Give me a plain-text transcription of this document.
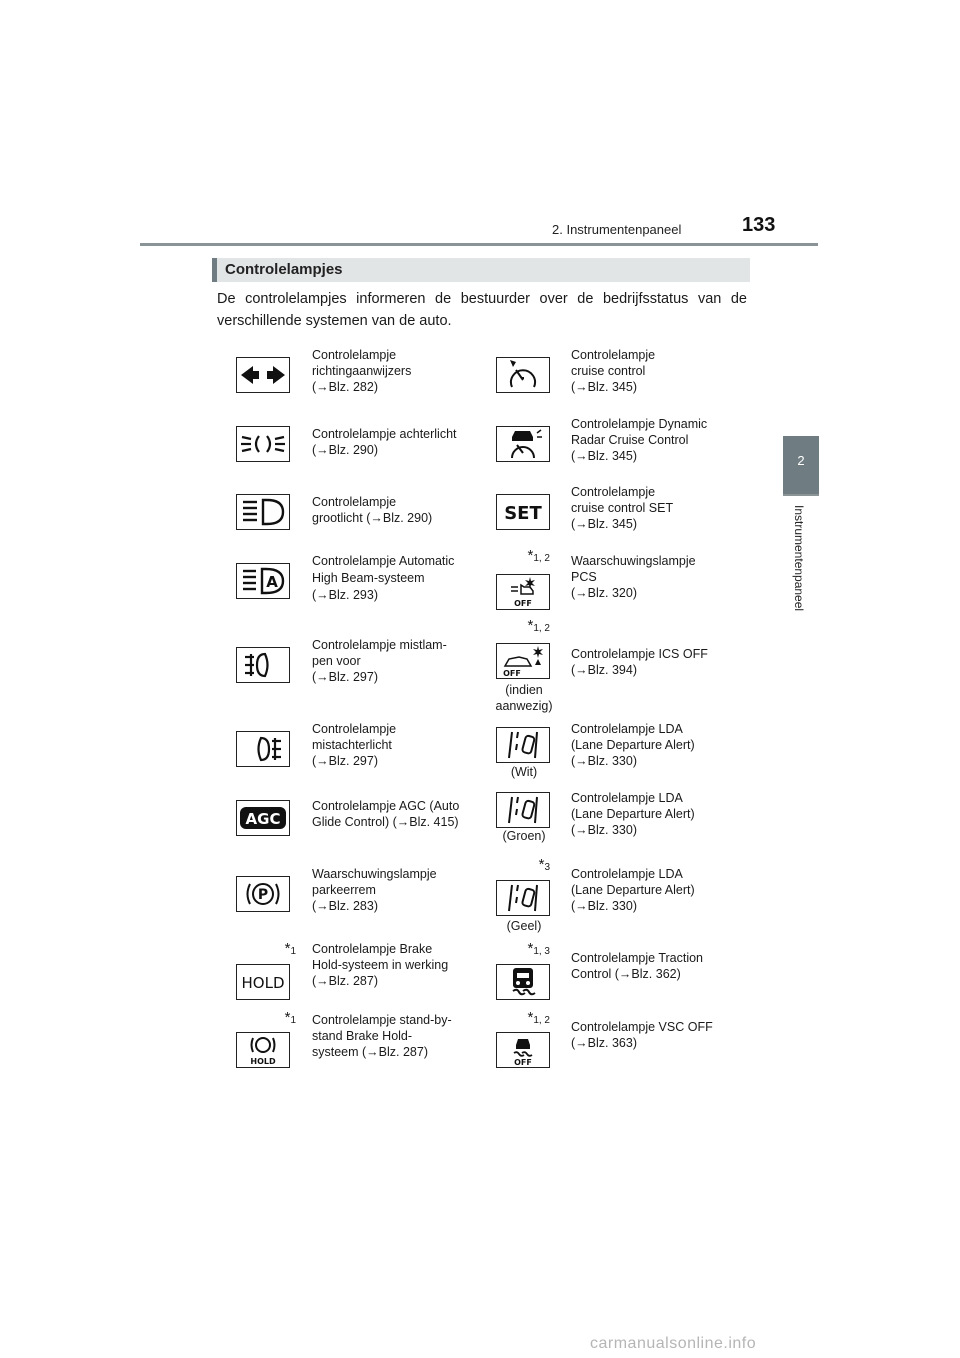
2. Instrumentenpaneel	133
2
Instrumentenpaneel
Controlelampjes
De controlelampjes informeren de bestuurder over de bedrijfsstatus van de verschillende systemen van de auto.
Controlelampje
richtingaanwijzers
(→Blz. 282)
Controlelampje achterlicht
(→Blz. 290)
Controlelampje
grootlicht (→Blz. 290)
A
Controlelampje Automatic
High Beam-systeem
(→Blz. 293)
Controlelampje mistlam-
pen voor
(→Blz. 297)
Controlelampje
mistachterlicht
(→Blz. 297)
AGC
Controlelampje AGC (Auto
Glide Control) (→Blz. 415)
P
Waarschuwingslampje
parkeerrem
(→Blz. 283)
$*_1$
HOLD
Controlelampje Brake
Hold-systeem in werking
(→Blz. 287)
$*_1$
HOLD
Controlelampje stand-by-
stand Brake Hold-
systeem (→Blz. 287)
Controlelampje
cruise control
(→Blz. 345)
Controlelampje Dynamic
Radar Cruise Control
(→Blz. 345)
SET
Controlelampje
cruise control SET
(→Blz. 345)
$*_{1, 2}$
OFF
Waarschuwingslampje
PCS
(→Blz. 320)
$*_{1, 2}$
OFF
(indien
aanwezig)
Controlelampje ICS OFF
(→Blz. 394)
(Wit)
Controlelampje LDA
(Lane Departure Alert)
(→Blz. 330)
(Groen)
Controlelampje LDA
(Lane Departure Alert)
(→Blz. 330)
$*_3$
(Geel)
Controlelampje LDA
(Lane Departure Alert)
(→Blz. 330)
$*_{1, 3}$ Controlelampje Traction
Control (→Blz. 362)
$*_{1, 2}$
OFF
Controlelampje VSC OFF
(→Blz. 363)
carmanualsonline.info
